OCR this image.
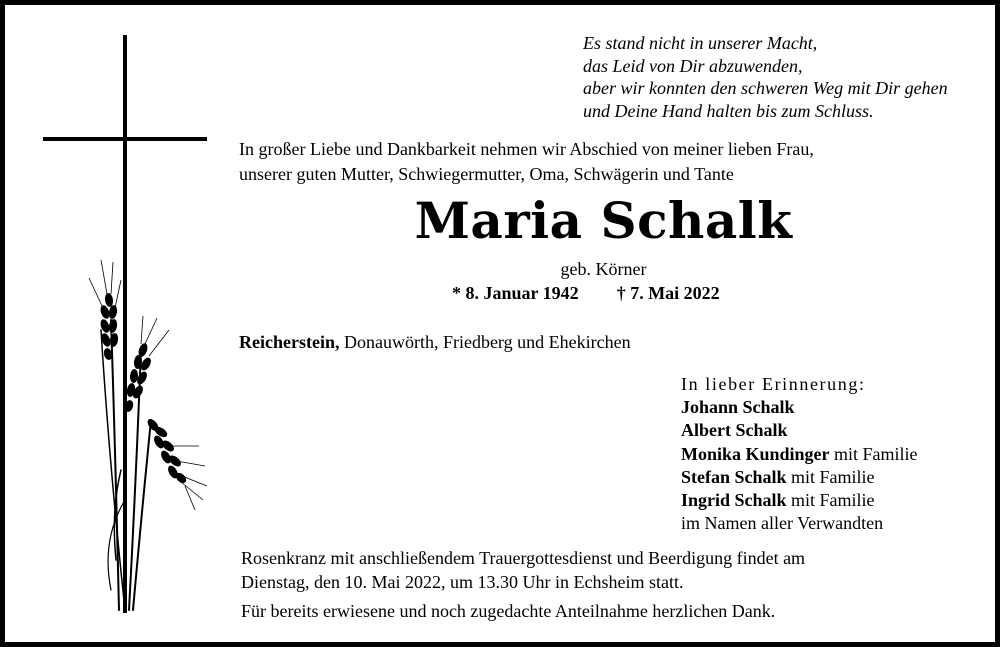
Es stand nicht in unserer Macht,
das Leid von Dir abzuwenden,
aber wir konnten den schweren Weg mit Dir gehen
und Deine Hand halten bis zum Schluss.
In großer Liebe und Dankbarkeit nehmen wir Abschied von meiner lieben Frau,
unserer guten Mutter, Schwiegermutter, Oma, Schwägerin und Tante
Maria Schalk
geb. Körner
* 8. Januar 1942 † 7. Mai 2022
Reicherstein, Donauwörth, Friedberg und Ehekirchen
In lieber Erinnerung:
Johann Schalk
Albert Schalk
Monika Kundinger mit Familie
Stefan Schalk mit Familie
Ingrid Schalk mit Familie
im Namen aller Verwandten
Rosenkranz mit anschließendem Trauergottesdienst und Beerdigung findet am
Dienstag, den 10. Mai 2022, um 13.30 Uhr in Echsheim statt.
Für bereits erwiesene und noch zugedachte Anteilnahme herzlichen Dank.
